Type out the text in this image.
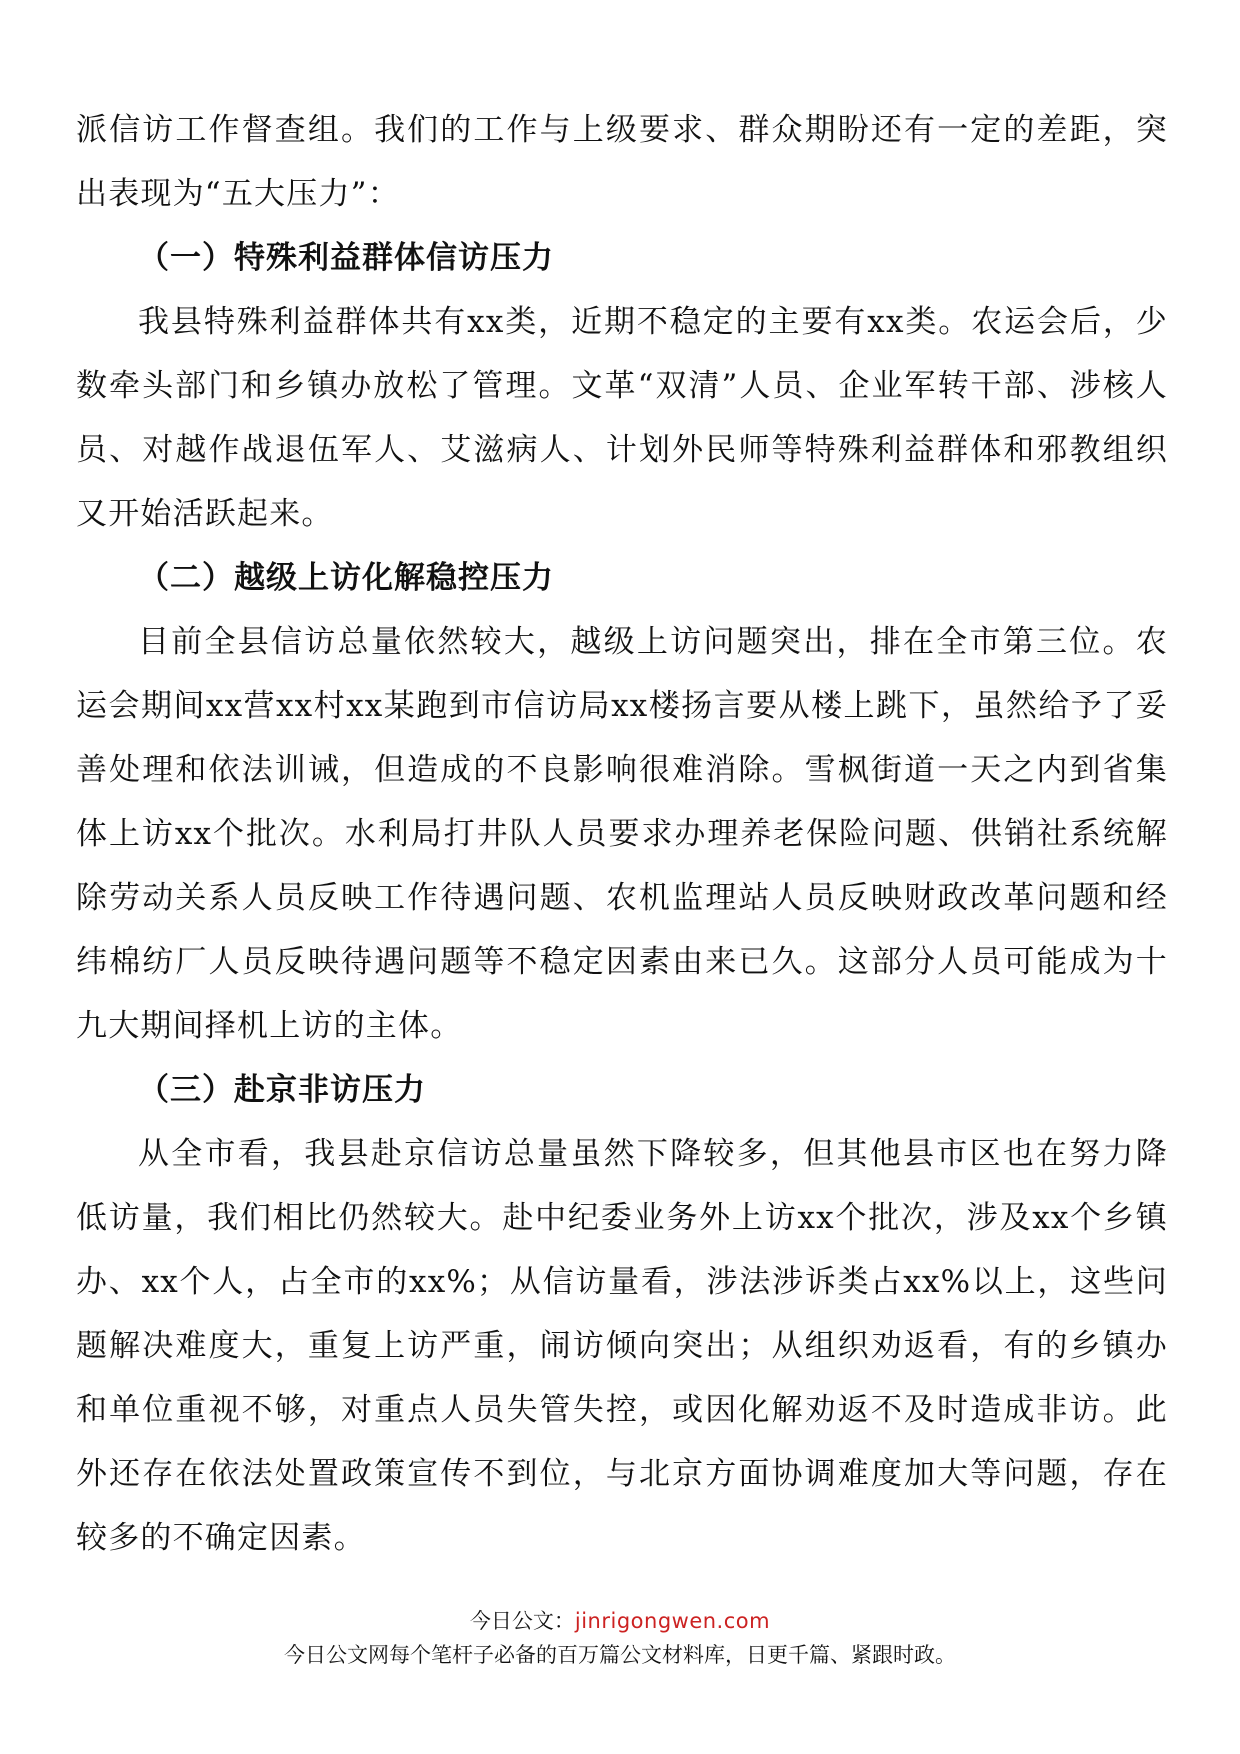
派信访工作督查组。我们的工作与上级要求、群众期盼还有一定的差距，突出表现为“五大压力”：

（一）特殊利益群体信访压力

我县特殊利益群体共有xx类，近期不稳定的主要有xx类。农运会后，少数牵头部门和乡镇办放松了管理。文革“双清”人员、企业军转干部、涉核人员、对越作战退伍军人、艾滋病人、计划外民师等特殊利益群体和邪教组织又开始活跃起来。

（二）越级上访化解稳控压力

目前全县信访总量依然较大，越级上访问题突出，排在全市第三位。农运会期间xx营xx村xx某跑到市信访局xx楼扬言要从楼上跳下，虽然给予了妥善处理和依法训诫，但造成的不良影响很难消除。雪枫街道一天之内到省集体上访xx个批次。水利局打井队人员要求办理养老保险问题、供销社系统解除劳动关系人员反映工作待遇问题、农机监理站人员反映财政改革问题和经纬棉纺厂人员反映待遇问题等不稳定因素由来已久。这部分人员可能成为十九大期间择机上访的主体。

（三）赴京非访压力

从全市看，我县赴京信访总量虽然下降较多，但其他县市区也在努力降低访量，我们相比仍然较大。赴中纪委业务外上访xx个批次，涉及xx个乡镇办、xx个人，占全市的xx%；从信访量看，涉法涉诉类占xx%以上，这些问题解决难度大，重复上访严重，闹访倾向突出；从组织劝返看，有的乡镇办和单位重视不够，对重点人员失管失控，或因化解劝返不及时造成非访。此外还存在依法处置政策宣传不到位，与北京方面协调难度加大等问题，存在较多的不确定因素。

今日公文：jinrigongwen.com
今日公文网每个笔杆子必备的百万篇公文材料库，日更千篇、紧跟时政。
